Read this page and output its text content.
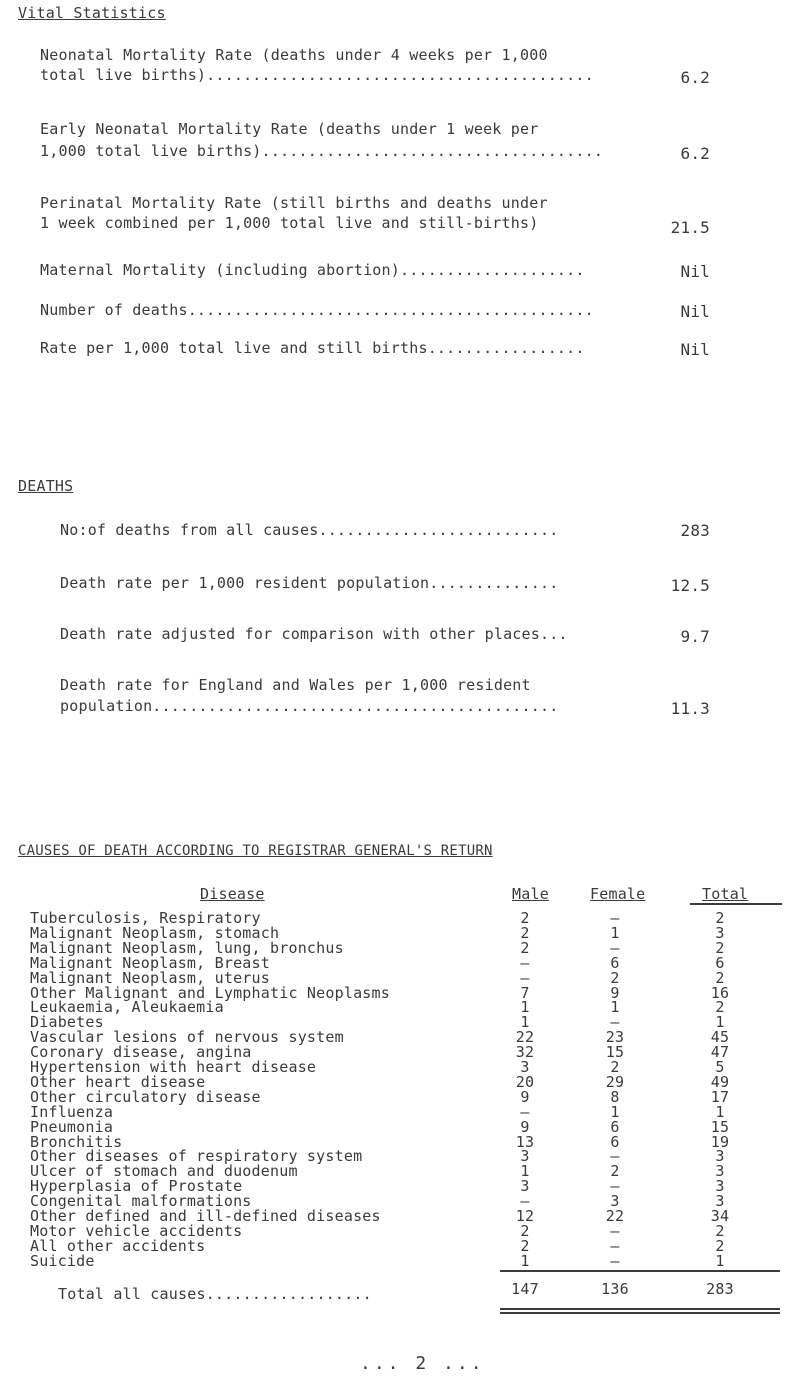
Vital Statistics
Neonatal Mortality Rate (deaths under 4 weeks per 1,000
total live births)..........................................	6.2
Early Neonatal Mortality Rate (deaths under 1 week per
1,000 total live births).....................................	6.2
Perinatal Mortality Rate (still births and deaths under
1 week combined per 1,000 total live and still-births)	21.5
Maternal Mortality (including abortion)....................	Nil
Number of deaths............................................	Nil
Rate per 1,000 total live and still births.................	Nil
DEATHS
No:of deaths from all causes..........................	283
Death rate per 1,000 resident population..............	12.5
Death rate adjusted for comparison with other places...	9.7
Death rate for England and Wales per 1,000 resident
population............................................	11.3
CAUSES OF DEATH ACCORDING TO REGISTRAR GENERAL'S RETURN
Disease	Male	Female	Total
Tuberculosis, Respiratory	2	–	2
Malignant Neoplasm, stomach	2	1	3
Malignant Neoplasm, lung, bronchus	2	–	2
Malignant Neoplasm, Breast	–	6	6
Malignant Neoplasm, uterus	–	2	2
Other Malignant and Lymphatic Neoplasms	7	9	16
Leukaemia, Aleukaemia	1	1	2
Diabetes	1	–	1
Vascular lesions of nervous system	22	23	45
Coronary disease, angina	32	15	47
Hypertension with heart disease	3	2	5
Other heart disease	20	29	49
Other circulatory disease	9	8	17
Influenza	–	1	1
Pneumonia	9	6	15
Bronchitis	13	6	19
Other diseases of respiratory system	3	–	3
Ulcer of stomach and duodenum	1	2	3
Hyperplasia of Prostate	3	–	3
Congenital malformations	–	3	3
Other defined and ill-defined diseases	12	22	34
Motor vehicle accidents	2	–	2
All other accidents	2	–	2
Suicide	1	–	1
Total all causes..................	147	136	283
... 2 ...
